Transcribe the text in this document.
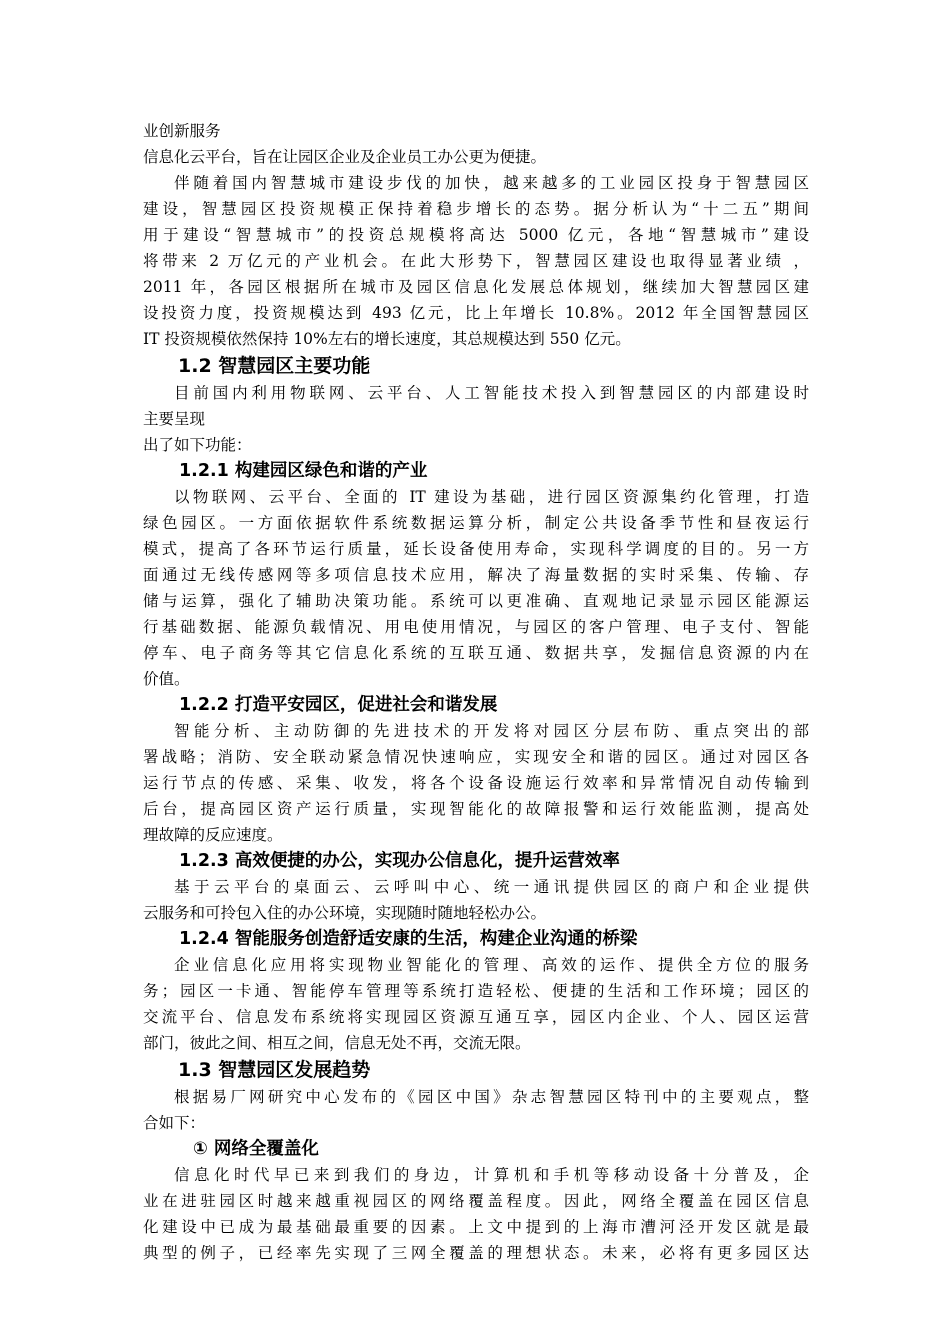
业创新服务
信息化云平台，旨在让园区企业及企业员工办公更为便捷。
伴随着国内智慧城市建设步伐的加快，越来越多的工业园区投身于智慧园区
建设，智慧园区投资规模正保持着稳步增长的态势。据分析认为“十二五”期间
用于建设“智慧城市”的投资总规模将高达 5000 亿元，各地“智慧城市”建设
将带来 2 万亿元的产业机会。在此大形势下，智慧园区建设也取得显著业绩 ，
2011 年，各园区根据所在城市及园区信息化发展总体规划，继续加大智慧园区建
设投资力度，投资规模达到 493 亿元，比上年增长 10.8%。2012 年全国智慧园区
IT 投资规模依然保持 10%左右的增长速度，其总规模达到 550 亿元。
1.2 智慧园区主要功能
目前国内利用物联网、云平台、人工智能技术投入到智慧园区的内部建设时
主要呈现
出了如下功能：
1.2.1 构建园区绿色和谐的产业
以物联网、云平台、全面的 IT 建设为基础，进行园区资源集约化管理，打造
绿色园区。一方面依据软件系统数据运算分析，制定公共设备季节性和昼夜运行
模式，提高了各环节运行质量，延长设备使用寿命，实现科学调度的目的。另一方
面通过无线传感网等多项信息技术应用，解决了海量数据的实时采集、传输、存
储与运算，强化了辅助决策功能。系统可以更准确、直观地记录显示园区能源运
行基础数据、能源负载情况、用电使用情况，与园区的客户管理、电子支付、智能
停车、电子商务等其它信息化系统的互联互通、数据共享，发掘信息资源的内在
价值。
1.2.2 打造平安园区，促进社会和谐发展
智能分析、主动防御的先进技术的开发将对园区分层布防、重点突出的部
署战略；消防、安全联动紧急情况快速响应，实现安全和谐的园区。通过对园区各
运行节点的传感、采集、收发，将各个设备设施运行效率和异常情况自动传输到
后台，提高园区资产运行质量，实现智能化的故障报警和运行效能监测，提高处
理故障的反应速度。
1.2.3 高效便捷的办公，实现办公信息化，提升运营效率
基于云平台的桌面云、云呼叫中心、统一通讯提供园区的商户和企业提供
云服务和可拎包入住的办公环境，实现随时随地轻松办公。
1.2.4 智能服务创造舒适安康的生活，构建企业沟通的桥梁
企业信息化应用将实现物业智能化的管理、高效的运作、提供全方位的服务
务；园区一卡通、智能停车管理等系统打造轻松、便捷的生活和工作环境；园区的
交流平台、信息发布系统将实现园区资源互通互享，园区内企业、个人、园区运营
部门，彼此之间、相互之间，信息无处不再，交流无限。
1.3 智慧园区发展趋势
根据易厂网研究中心发布的《园区中国》杂志智慧园区特刊中的主要观点，整
合如下：
① 网络全覆盖化
信息化时代早已来到我们的身边，计算机和手机等移动设备十分普及，企
业在进驻园区时越来越重视园区的网络覆盖程度。因此，网络全覆盖在园区信息
化建设中已成为最基础最重要的因素。上文中提到的上海市漕河泾开发区就是最
典型的例子，已经率先实现了三网全覆盖的理想状态。未来，必将有更多园区达
